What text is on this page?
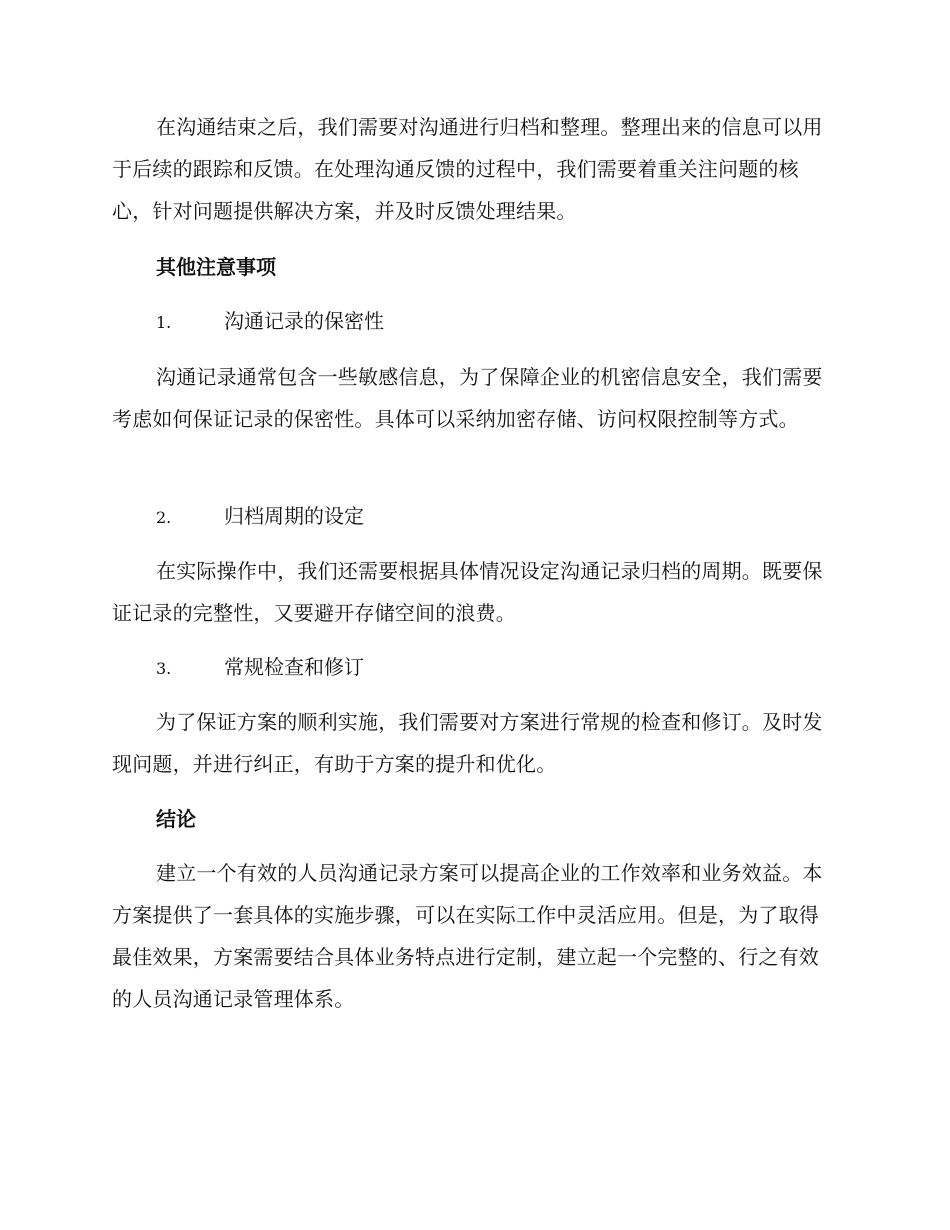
在沟通结束之后，我们需要对沟通进行归档和整理。整理出来的信息可以用于后续的跟踪和反馈。在处理沟通反馈的过程中，我们需要着重关注问题的核心，针对问题提供解决方案，并及时反馈处理结果。

其他注意事项
1.	沟通记录的保密性

沟通记录通常包含一些敏感信息，为了保障企业的机密信息安全，我们需要考虑如何保证记录的保密性。具体可以采纳加密存储、访问权限控制等方式。

2.	归档周期的设定

在实际操作中，我们还需要根据具体情况设定沟通记录归档的周期。既要保证记录的完整性，又要避开存储空间的浪费。

3.	常规检查和修订

为了保证方案的顺利实施，我们需要对方案进行常规的检查和修订。及时发现问题，并进行纠正，有助于方案的提升和优化。

结论

建立一个有效的人员沟通记录方案可以提高企业的工作效率和业务效益。本方案提供了一套具体的实施步骤，可以在实际工作中灵活应用。但是，为了取得最佳效果，方案需要结合具体业务特点进行定制，建立起一个完整的、行之有效的人员沟通记录管理体系。
